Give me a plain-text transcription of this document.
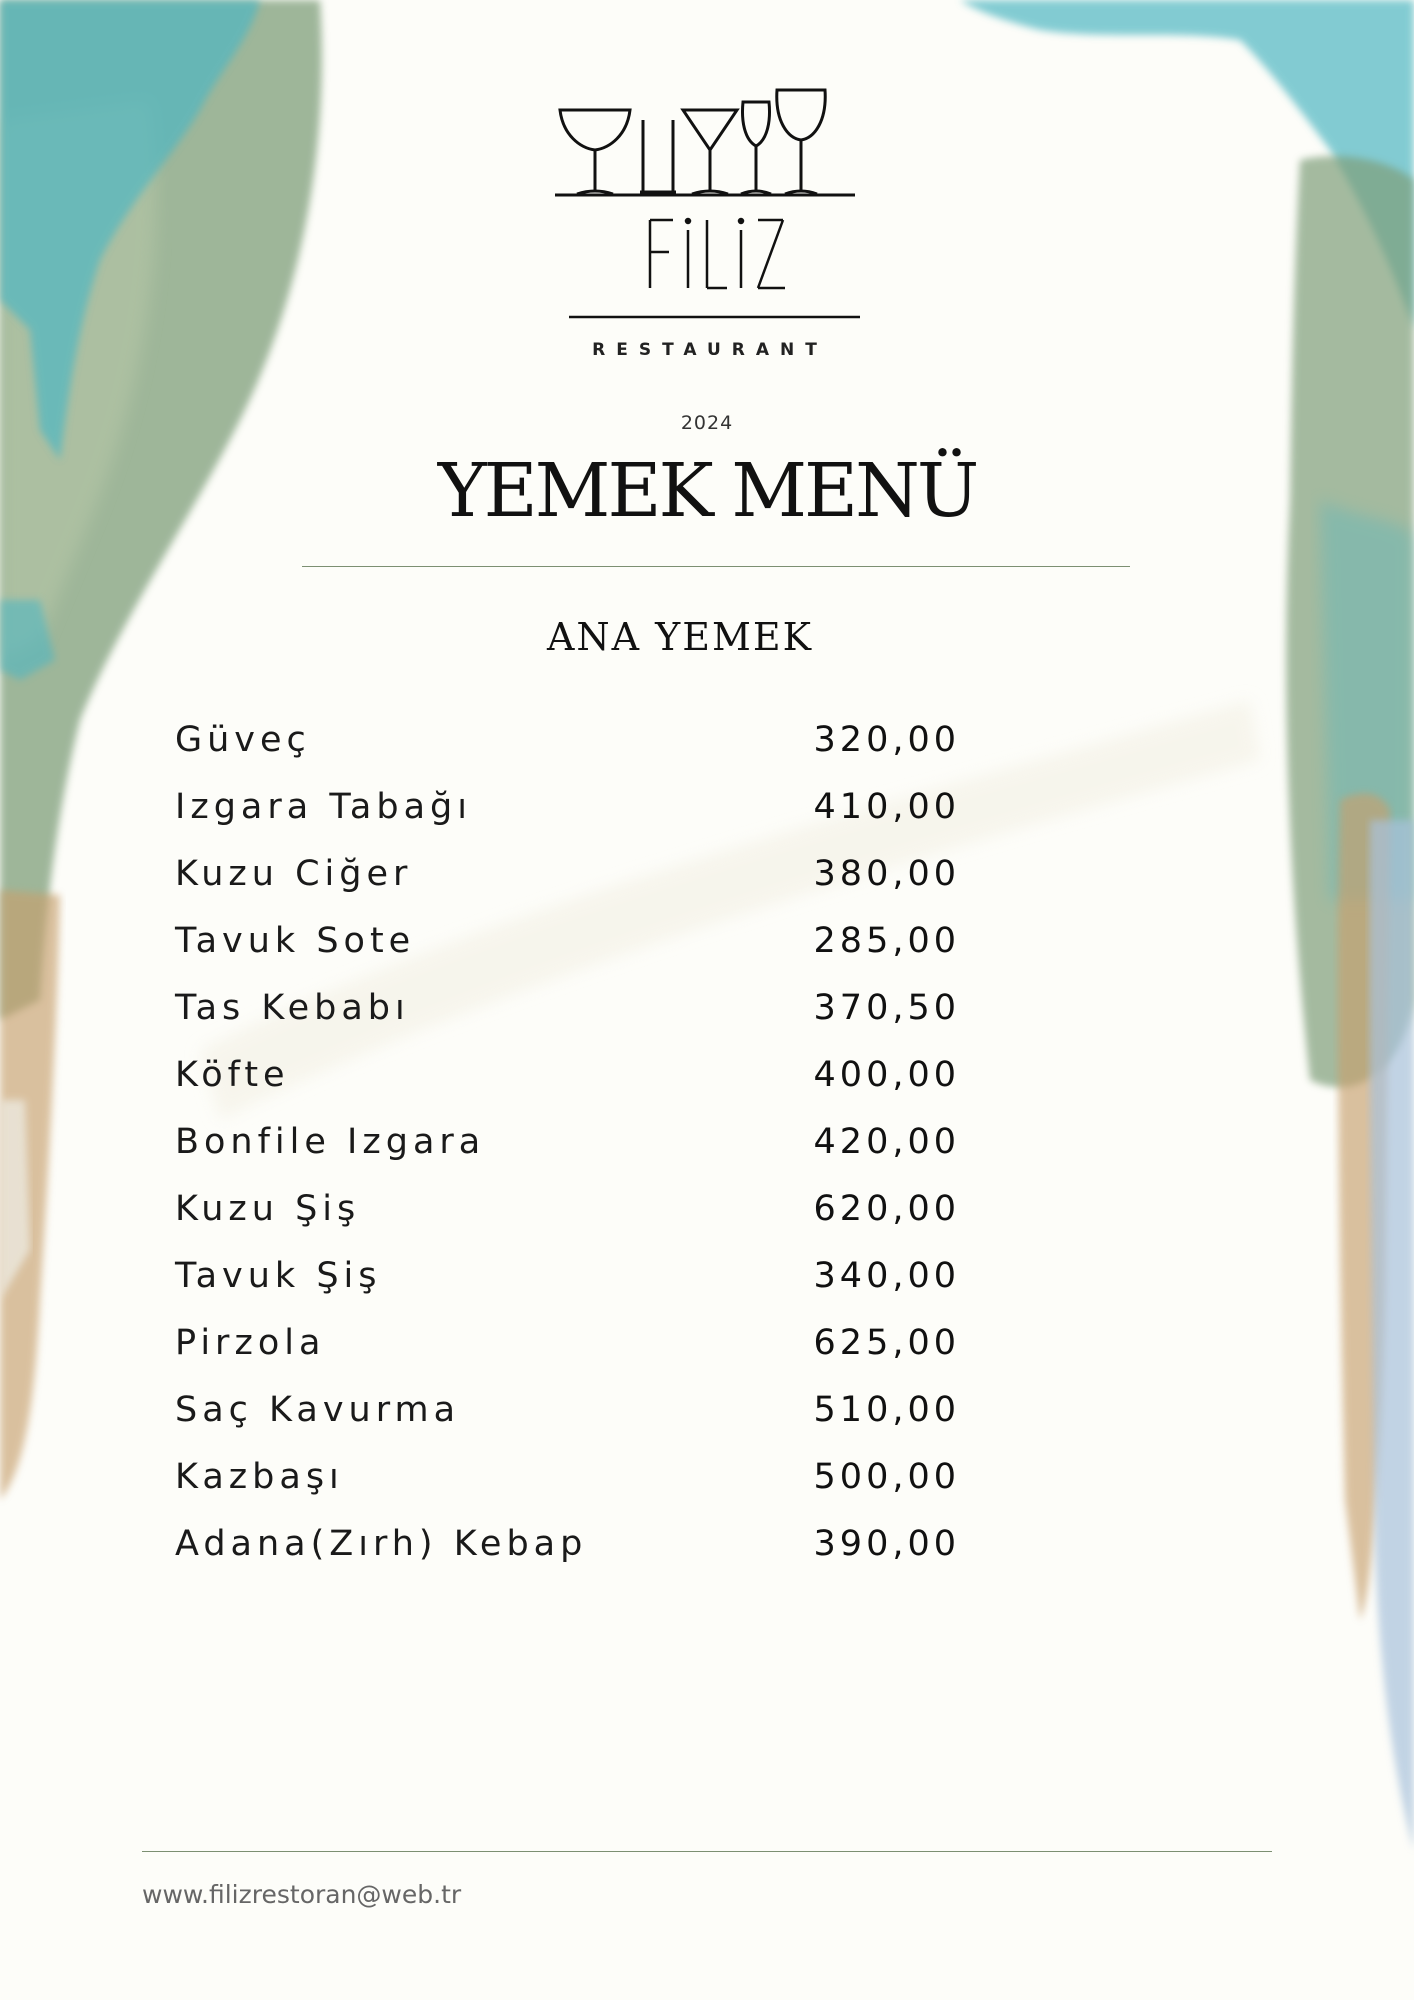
RESTAURANT
2024
YEMEK MENÜ
ANA YEMEK
Güveç	320,00
Izgara Tabağı	410,00
Kuzu Ciğer	380,00
Tavuk Sote	285,00
Tas Kebabı	370,50
Köfte	400,00
Bonfile Izgara	420,00
Kuzu Şiş	620,00
Tavuk Şiş	340,00
Pirzola	625,00
Saç Kavurma	510,00
Kazbaşı	500,00
Adana(Zırh) Kebap	390,00
www.filizrestoran@web.tr
